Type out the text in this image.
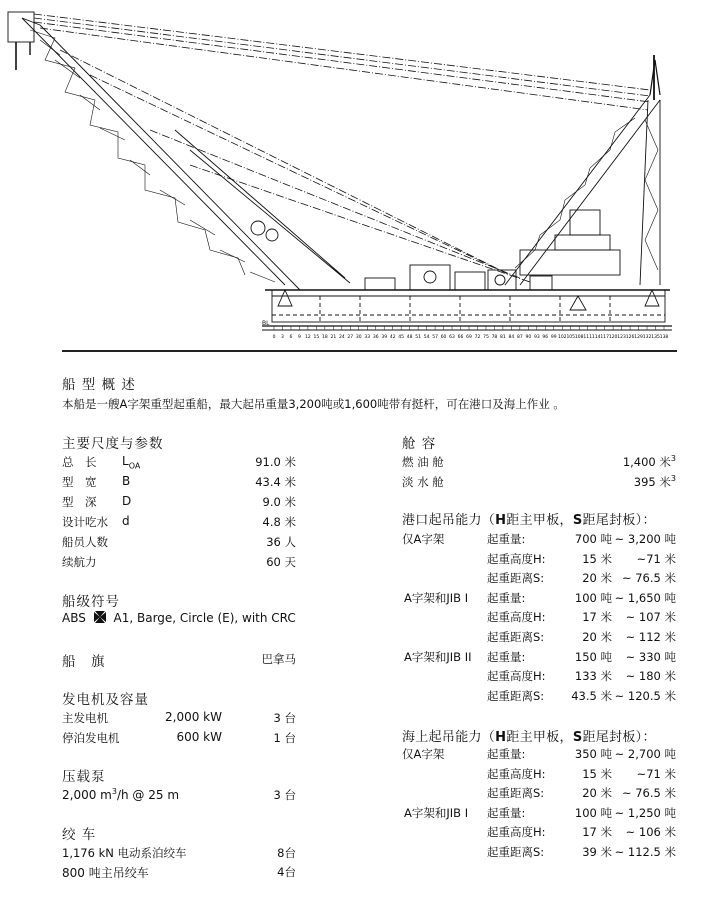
BL
0 3 6 9 12 15 18 21 24 27 30 33 36 39 42 45 48 51 54 57 60 63 66 69 72 75 78 81 84 87 90 93 96 99 102 105 108 111 114 117 120 123 126 129 132 135 138
船 型 概 述
本船是一艘A字架重型起重船，最大起吊重量3,200吨或1,600吨带有挺杆，可在港口及海上作业 。
主要尺度与参数
总　长 $L_{OA}$	91.0 米
型　宽 B	43.4 米
型　深 D	9.0 米
设计吃水 d	4.8 米
船员人数	36 人
续航力	60 天
船级符号
ABS A1, Barge, Circle (E), with CRC
船　旗	巴拿马
发电机及容量
主发电机	2,000 kW	3 台
停泊发电机	600 kW	1 台
压载泵
2,000 $m^3/h$ @ 25 m	3 台
绞 车
1,176 kN 电动系泊绞车	8台
800 吨主吊绞车	4台
舱 容
燃 油 舱	1,400 米$^3$
淡 水 舱	395 米$^3$
港口起吊能力（H距主甲板，S距尾封板）：
仅A字架	起重量:	700 吨 ~ 3,200 吨
起重高度H:	15 米	~71 米
起重距离S:	20 米 ~ 76.5 米
A字架和JIB I 起重量:	100 吨 ~ 1,650 吨
起重高度H:	17 米	~ 107 米
起重距离S:	20 米	~ 112 米
A字架和JIB II 起重量:	150 吨	~ 330 吨
起重高度H:	133 米	~ 180 米
起重距离S:	43.5 米 ~ 120.5 米
海上起吊能力（H距主甲板，S距尾封板）：
仅A字架	起重量:	350 吨 ~ 2,700 吨
起重高度H:	15 米	~71 米
起重距离S:	20 米 ~ 76.5 米
A字架和JIB I 起重量:	100 吨 ~ 1,250 吨
起重高度H:	17 米	~ 106 米
起重距离S:	39 米 ~ 112.5 米
